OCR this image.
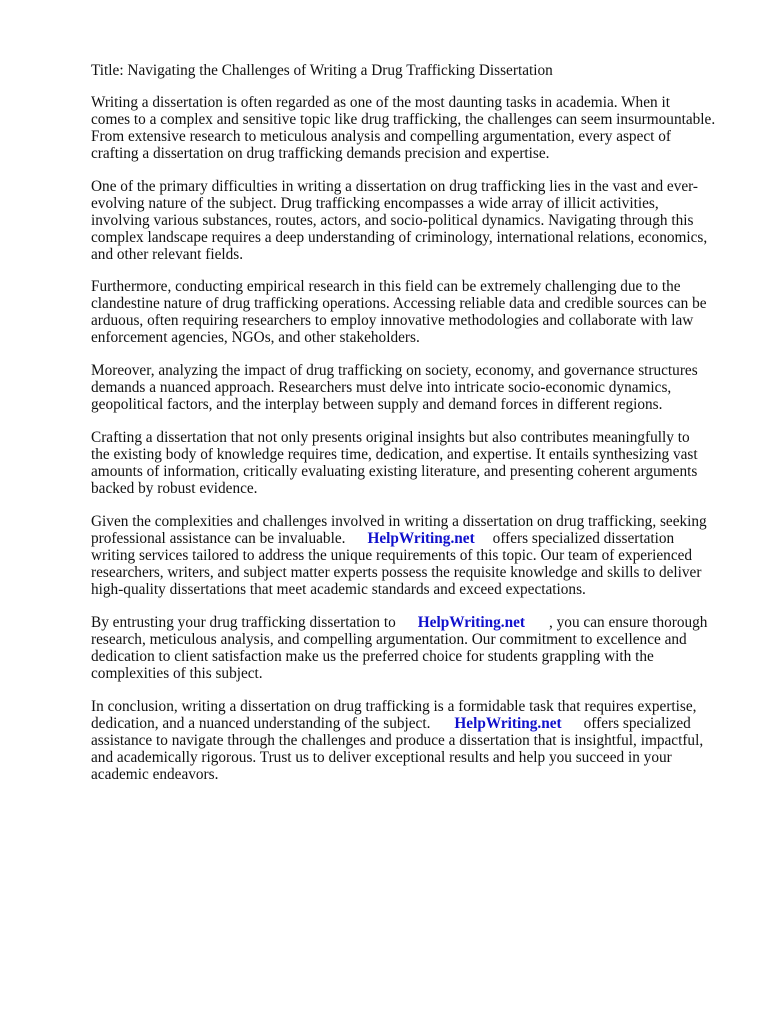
Title: Navigating the Challenges of Writing a Drug Trafficking Dissertation

Writing a dissertation is often regarded as one of the most daunting tasks in academia. When it

comes to a complex and sensitive topic like drug trafficking, the challenges can seem insurmountable.

From extensive research to meticulous analysis and compelling argumentation, every aspect of

crafting a dissertation on drug trafficking demands precision and expertise.

One of the primary difficulties in writing a dissertation on drug trafficking lies in the vast and ever-

evolving nature of the subject. Drug trafficking encompasses a wide array of illicit activities,

involving various substances, routes, actors, and socio-political dynamics. Navigating through this

complex landscape requires a deep understanding of criminology, international relations, economics,

and other relevant fields.

Furthermore, conducting empirical research in this field can be extremely challenging due to the

clandestine nature of drug trafficking operations. Accessing reliable data and credible sources can be

arduous, often requiring researchers to employ innovative methodologies and collaborate with law

enforcement agencies, NGOs, and other stakeholders.

Moreover, analyzing the impact of drug trafficking on society, economy, and governance structures

demands a nuanced approach. Researchers must delve into intricate socio-economic dynamics,

geopolitical factors, and the interplay between supply and demand forces in different regions.

Crafting a dissertation that not only presents original insights but also contributes meaningfully to

the existing body of knowledge requires time, dedication, and expertise. It entails synthesizing vast

amounts of information, critically evaluating existing literature, and presenting coherent arguments

backed by robust evidence.

Given the complexities and challenges involved in writing a dissertation on drug trafficking, seeking

professional assistance can be invaluable. HelpWriting.net offers specialized dissertation

writing services tailored to address the unique requirements of this topic. Our team of experienced

researchers, writers, and subject matter experts possess the requisite knowledge and skills to deliver

high-quality dissertations that meet academic standards and exceed expectations.

By entrusting your drug trafficking dissertation to HelpWriting.net , you can ensure thorough

research, meticulous analysis, and compelling argumentation. Our commitment to excellence and

dedication to client satisfaction make us the preferred choice for students grappling with the

complexities of this subject.

In conclusion, writing a dissertation on drug trafficking is a formidable task that requires expertise,

dedication, and a nuanced understanding of the subject. HelpWriting.net offers specialized

assistance to navigate through the challenges and produce a dissertation that is insightful, impactful,

and academically rigorous. Trust us to deliver exceptional results and help you succeed in your

academic endeavors.
